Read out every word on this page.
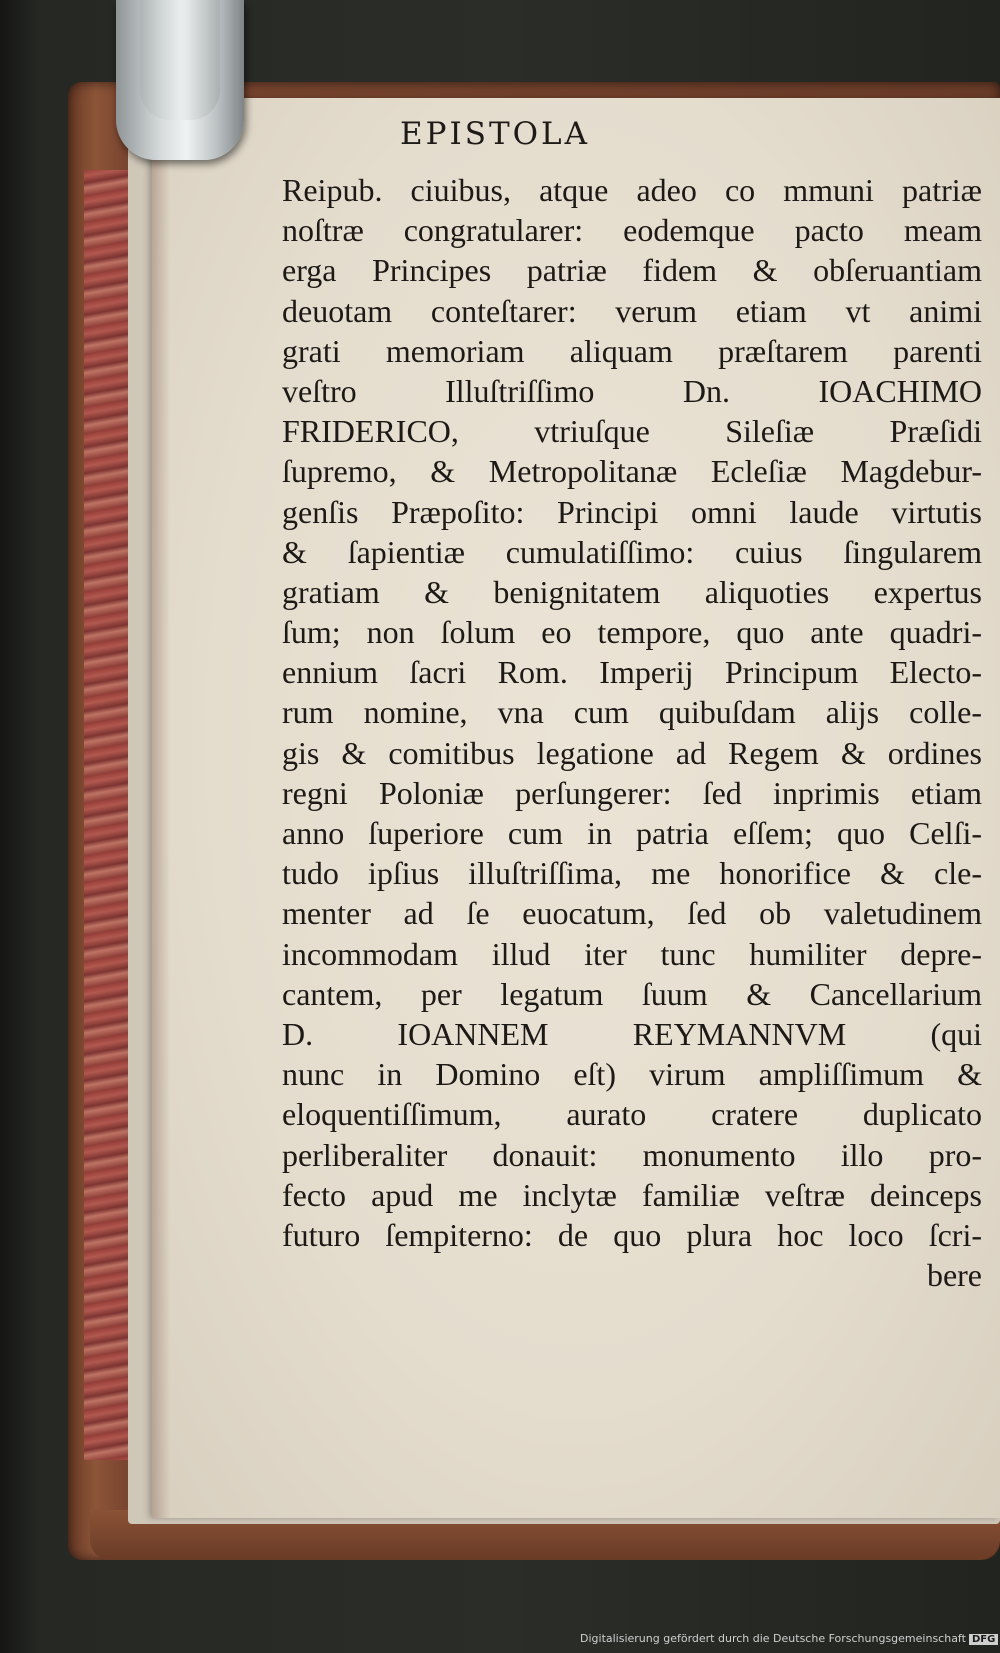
EPISTOLA
Reipub. ciuibus, atque adeo co mmuni patriæ
noſtræ congratularer: eodemque pacto meam
erga Principes patriæ fidem & obſeruantiam
deuotam conteſtarer: verum etiam vt animi
grati memoriam aliquam præſtarem parenti
veſtro Illuſtriſſimo Dn. IOACHIMO
FRIDERICO, vtriuſque Sileſiæ Præſidi
ſupremo, & Metropolitanæ Ecleſiæ Magdebur-
genſis Præpoſito: Principi omni laude virtutis
& ſapientiæ cumulatiſſimo: cuius ſingularem
gratiam & benignitatem aliquoties expertus
ſum; non ſolum eo tempore, quo ante quadri-
ennium ſacri Rom. Imperij Principum Electo-
rum nomine, vna cum quibuſdam alijs colle-
gis & comitibus legatione ad Regem & ordines
regni Poloniæ perſungerer: ſed inprimis etiam
anno ſuperiore cum in patria eſſem; quo Celſi-
tudo ipſius illuſtriſſima, me honorifice & cle-
menter ad ſe euocatum, ſed ob valetudinem
incommodam illud iter tunc humiliter depre-
cantem, per legatum ſuum & Cancellarium
D. IOANNEM REYMANNVM (qui
nunc in Domino eſt) virum ampliſſimum &
eloquentiſſimum, aurato cratere duplicato
perliberaliter donauit: monumento illo pro-
fecto apud me inclytæ familiæ veſtræ deinceps
futuro ſempiterno: de quo plura hoc loco ſcri-
bere
Digitalisierung gefördert durch die Deutsche Forschungsgemeinschaft DFG
